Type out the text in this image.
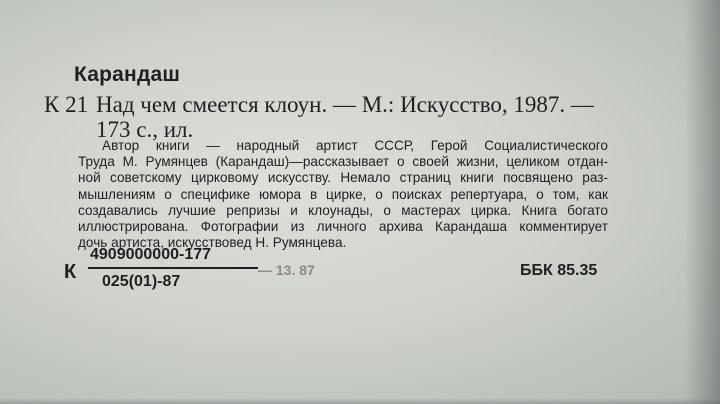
Карандаш
К 21 Над чем смеется клоун. — М.: Искусство, 1987. —
173 с., ил.
Автор книги — народный артист СССР, Герой Социалистического
Труда М. Румянцев (Карандаш)—рассказывает о своей жизни, целиком отдан-
ной советскому цирковому искусству. Немало страниц книги посвящено раз-
мышлениям о специфике юмора в цирке, о поисках репертуара, о том, как
создавались лучшие репризы и клоунады, о мастерах цирка. Книга богато
иллюстрирована. Фотографии из личного архива Карандаша комментирует
дочь артиста, искусствовед Н. Румянцева.
К $\frac{4909000000-177}{025(01)-87}$ — 13. 87	ББК 85.35
